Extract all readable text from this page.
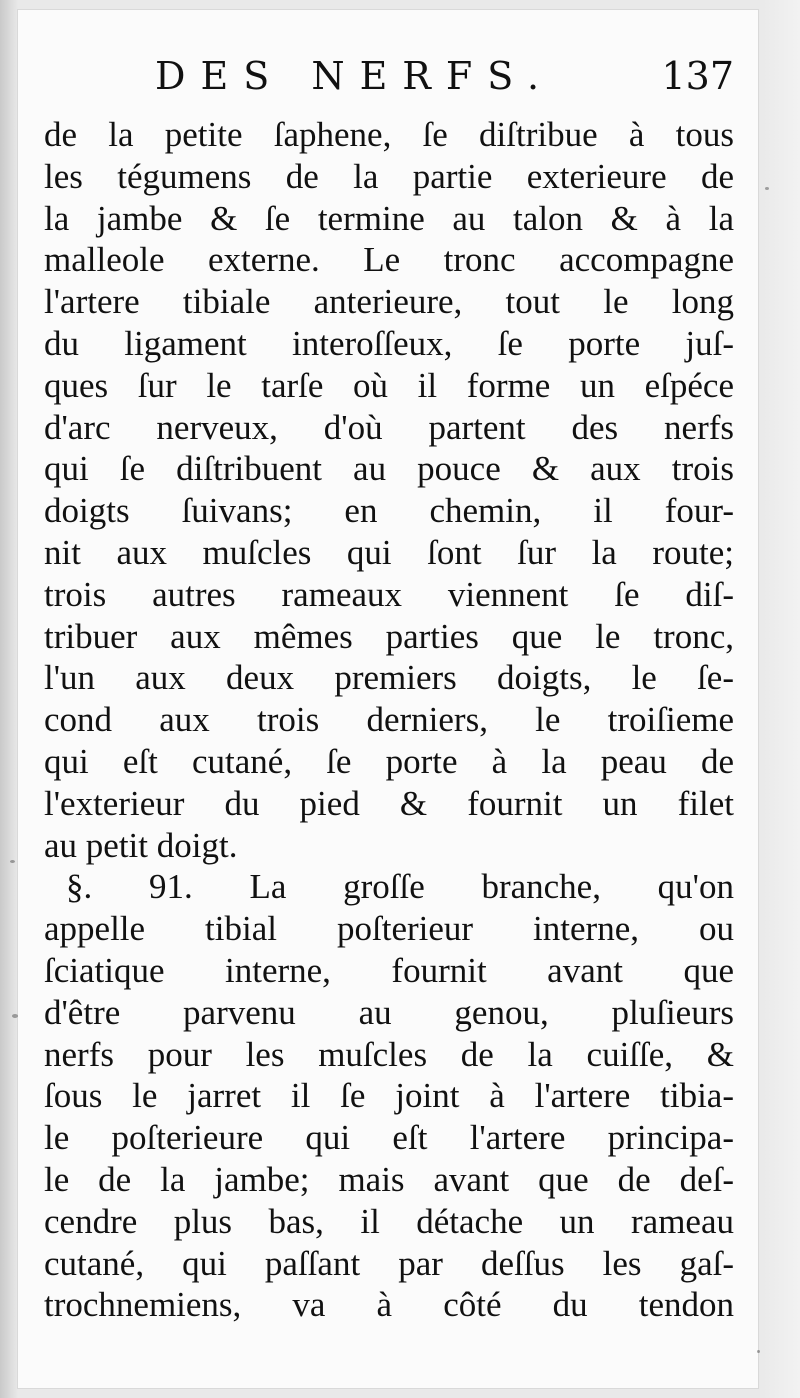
DES NERFS.	137
de la petite ſaphene, ſe diſtribue à tous
les tégumens de la partie exterieure de
la jambe & ſe termine au talon & à la
malleole externe. Le tronc accompagne
l'artere tibiale anterieure, tout le long
du ligament interoſſeux, ſe porte juſ-
ques ſur le tarſe où il forme un eſpéce
d'arc nerveux, d'où partent des nerfs
qui ſe diſtribuent au pouce & aux trois
doigts ſuivans; en chemin, il four-
nit aux muſcles qui ſont ſur la route;
trois autres rameaux viennent ſe diſ-
tribuer aux mêmes parties que le tronc,
l'un aux deux premiers doigts, le ſe-
cond aux trois derniers, le troiſieme
qui eſt cutané, ſe porte à la peau de
l'exterieur du pied & fournit un filet
au petit doigt.
§. 91. La groſſe branche, qu'on
appelle tibial poſterieur interne, ou
ſciatique interne, fournit avant que
d'être parvenu au genou, pluſieurs
nerfs pour les muſcles de la cuiſſe, &
ſous le jarret il ſe joint à l'artere tibia-
le poſterieure qui eſt l'artere principa-
le de la jambe; mais avant que de deſ-
cendre plus bas, il détache un rameau
cutané, qui paſſant par deſſus les gaſ-
trochnemiens, va à côté du tendon
